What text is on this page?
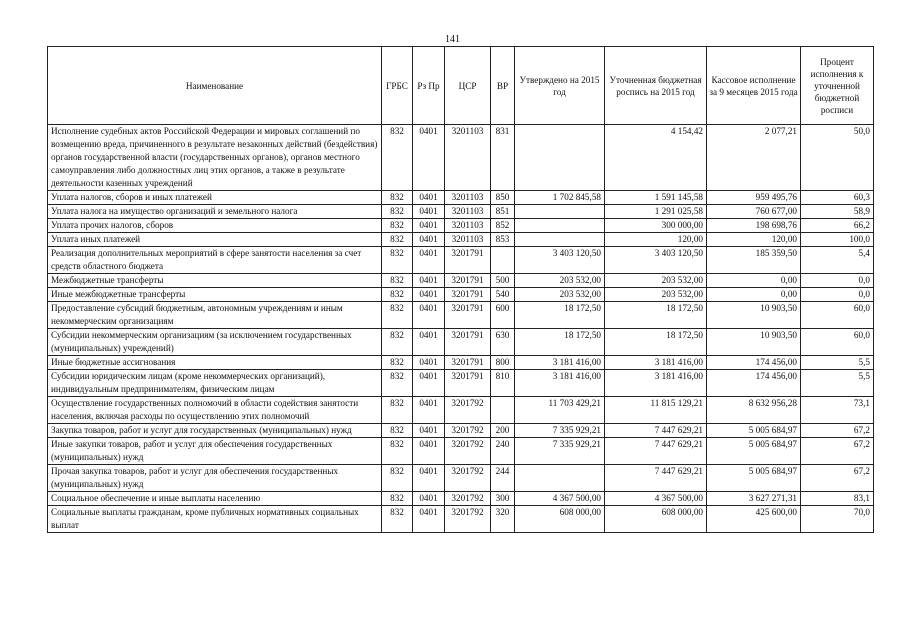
141
Наименование	ГРБС	Рз Пр	ЦСР	ВР	Утверждено на 2015 год	Уточненная бюджетная роспись на 2015 год	Кассовое исполнение за 9 месяцев 2015 года	Процент исполнения к уточненной бюджетной росписи
Исполнение судебных актов Российской Федерации и мировых соглашений по возмещению вреда, причиненного в результате незаконных действий (бездействия) органов государственной власти (государственных органов), органов местного самоуправления либо должностных лиц этих органов, а также в результате деятельности казенных учреждений	832	0401	3201103	831		4 154,42	2 077,21	50,0
Уплата налогов, сборов и иных платежей	832	0401	3201103	850	1 702 845,58	1 591 145,58	959 495,76	60,3
Уплата налога на имущество организаций и земельного налога	832	0401	3201103	851		1 291 025,58	760 677,00	58,9
Уплата прочих налогов, сборов	832	0401	3201103	852		300 000,00	198 698,76	66,2
Уплата иных платежей	832	0401	3201103	853		120,00	120,00	100,0
Реализация дополнительных мероприятий в сфере занятости населения за счет средств областного бюджета	832	0401	3201791		3 403 120,50	3 403 120,50	185 359,50	5,4
Межбюджетные трансферты	832	0401	3201791	500	203 532,00	203 532,00	0,00	0,0
Иные межбюджетные трансферты	832	0401	3201791	540	203 532,00	203 532,00	0,00	0,0
Предоставление субсидий бюджетным, автономным учреждениям и иным некоммерческим организациям	832	0401	3201791	600	18 172,50	18 172,50	10 903,50	60,0
Субсидии некоммерческим организациям (за исключением государственных (муниципальных) учреждений)	832	0401	3201791	630	18 172,50	18 172,50	10 903,50	60,0
Иные бюджетные ассигнования	832	0401	3201791	800	3 181 416,00	3 181 416,00	174 456,00	5,5
Субсидии юридическим лицам (кроме некоммерческих организаций), индивидуальным предпринимателям, физическим лицам	832	0401	3201791	810	3 181 416,00	3 181 416,00	174 456,00	5,5
Осуществление государственных полномочий в области содействия занятости населения, включая расходы по осуществлению этих полномочий	832	0401	3201792		11 703 429,21	11 815 129,21	8 632 956,28	73,1
Закупка товаров, работ и услуг для государственных (муниципальных) нужд	832	0401	3201792	200	7 335 929,21	7 447 629,21	5 005 684,97	67,2
Иные закупки товаров, работ и услуг для обеспечения государственных (муниципальных) нужд	832	0401	3201792	240	7 335 929,21	7 447 629,21	5 005 684,97	67,2
Прочая закупка товаров, работ и услуг для обеспечения государственных (муниципальных) нужд	832	0401	3201792	244		7 447 629,21	5 005 684,97	67,2
Социальное обеспечение и иные выплаты населению	832	0401	3201792	300	4 367 500,00	4 367 500,00	3 627 271,31	83,1
Социальные выплаты гражданам, кроме публичных нормативных социальных выплат	832	0401	3201792	320	608 000,00	608 000,00	425 600,00	70,0
